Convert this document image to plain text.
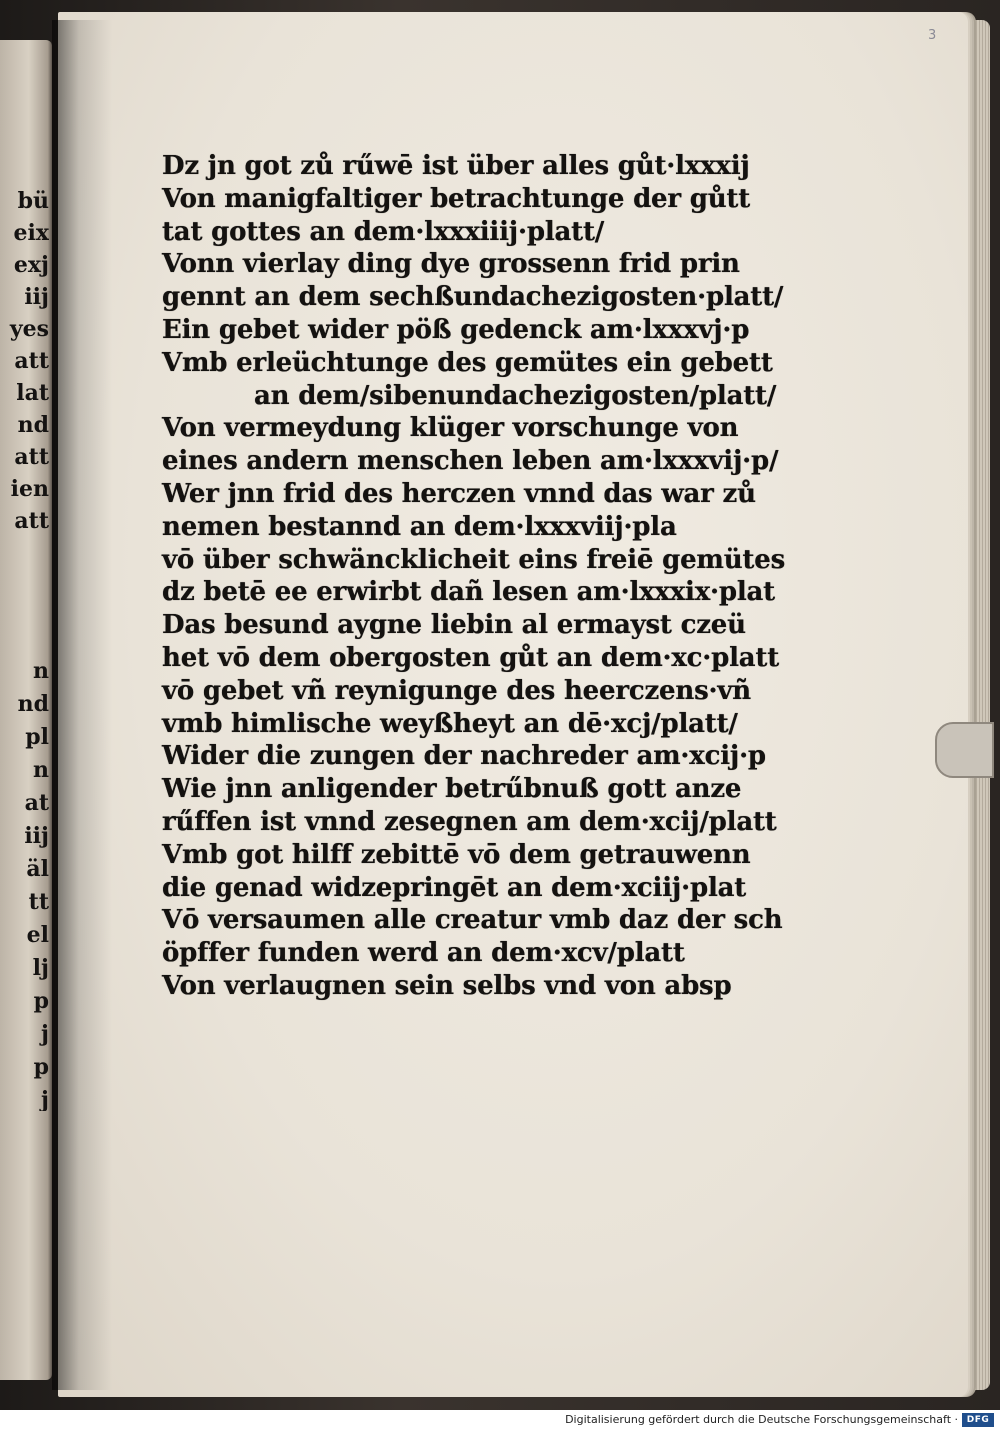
bü
eix
exj
iij
yes
att
lat
nd
att
ien
att
n
nd
pl
n
at
iij
äl
tt
el
lj
p
j
p
j
3
Dz jn got zů rűwē ist über alles gůt·lxxxij
Von manigfaltiger betrachtunge der gůtt
tat gottes an dem·lxxxiiij·platt/
Vonn vierlay ding dye grossenn frid prin
gennt an dem sechßundachezigosten·platt/
Ein gebet wider pöß gedenck am·lxxxvj·p
Vmb erleüchtunge des gemütes ein gebett
an dem/sibenundachezigosten/platt/
Von vermeydung klüger vorschunge von
eines andern menschen leben am·lxxxvij·p/
Wer jnn frid des herczen vnnd das war zů
nemen bestannd an dem·lxxxviij·pla
vō über schwäncklicheit eins freiē gemütes
dz betē ee erwirbt dañ lesen am·lxxxix·plat
Das besund aygne liebin al ermayst czeü
het vō dem obergosten gůt an dem·xc·platt
vō gebet vñ reynigunge des heerczens·vñ
vmb himlische weyßheyt an dē·xcj/platt/
Wider die zungen der nachreder am·xcij·p
Wie jnn anligender betrűbnuß gott anze
rűffen ist vnnd zesegnen am dem·xcij/platt
Vmb got hilff zebittē vō dem getrauwenn
die genad widzepringēt an dem·xciij·plat
Vō versaumen alle creatur vmb daz der sch
öpffer funden werd an dem·xcv/platt
Von verlaugnen sein selbs vnd von absp
Digitalisierung gefördert durch die Deutsche Forschungsgemeinschaft · DFG
